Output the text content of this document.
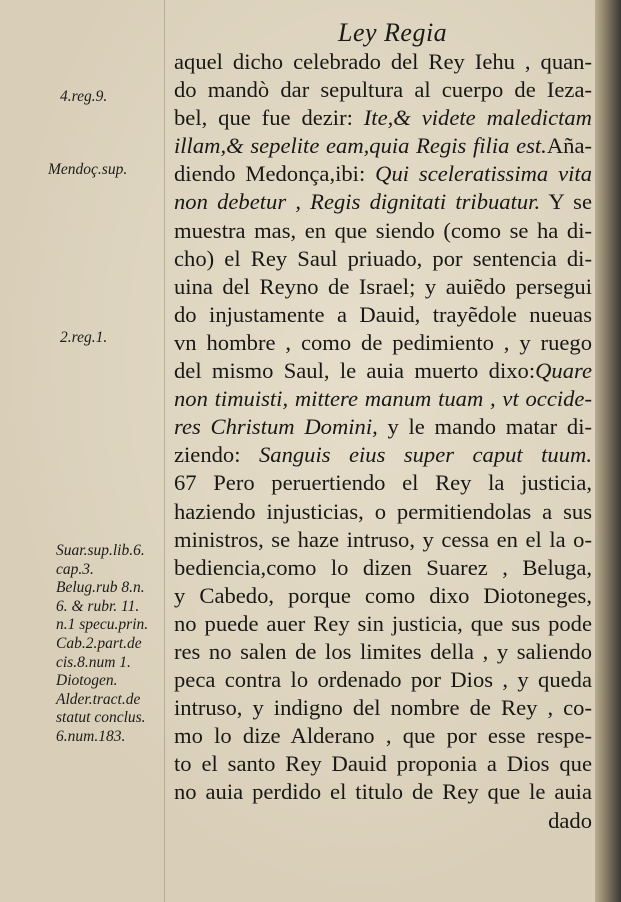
Ley Regia
4.reg.9.
Mendoç.sup.
2.reg.1.
Suar.sup.lib.6.
cap.3.
Belug.rub 8.n.
6. & rubr. 11.
n.1 specu.prin.
Cab.2.part.de
cis.8.num 1.
Diotogen.
Alder.tract.de
statut conclus.
6.num.183.
aquel dicho celebrado del Rey Iehu , quan-
do mandò dar sepultura al cuerpo de Ieza-
bel, que fue dezir: Ite,& videte maledictam
illam,& sepelite eam,quia Regis filia est.Aña-
diendo Medonça,ibi: Qui sceleratissima vita
non debetur , Regis dignitati tribuatur. Y se
muestra mas, en que siendo (como se ha di-
cho) el Rey Saul priuado, por sentencia di-
uina del Reyno de Israel; y auiẽdo persegui
do injustamente a Dauid, trayẽdole nueuas
vn hombre , como de pedimiento , y ruego
del mismo Saul, le auia muerto dixo:Quare
non timuisti, mittere manum tuam , vt occide-
res Christum Domini, y le mando matar di-
ziendo: Sanguis eius super caput tuum.
67 Pero peruertiendo el Rey la justicia,
haziendo injusticias, o permitiendolas a sus
ministros, se haze intruso, y cessa en el la o-
bediencia,como lo dizen Suarez , Beluga,
y Cabedo, porque como dixo Diotoneges,
no puede auer Rey sin justicia, que sus pode
res no salen de los limites della , y saliendo
peca contra lo ordenado por Dios , y queda
intruso, y indigno del nombre de Rey , co-
mo lo dize Alderano , que por esse respe-
to el santo Rey Dauid proponia a Dios que
no auia perdido el titulo de Rey que le auia
dado
